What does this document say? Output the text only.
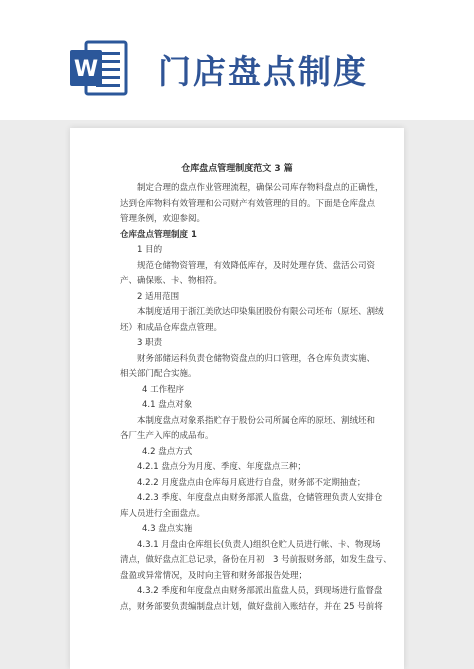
W 门店盘点制度
仓库盘点管理制度范文 3 篇
制定合理的盘点作业管理流程，确保公司库存物料盘点的正确性，
达到仓库物料有效管理和公司财产有效管理的目的。下面是仓库盘点
管理条例，欢迎参阅。
仓库盘点管理制度 1
1 目的
规范仓储物资管理，有效降低库存，及时处理存货、盘活公司资
产、确保账、卡、物相符。
2 适用范围
本制度适用于浙江美欣达印染集团股份有限公司坯布（原坯、割绒
坯）和成品仓库盘点管理。
3 职责
财务部储运科负责仓储物资盘点的归口管理，各仓库负责实施、
相关部门配合实施。
4 工作程序
4.1 盘点对象
本制度盘点对象系指贮存于股份公司所属仓库的原坯、割绒坯和
各厂生产入库的成品布。
4.2 盘点方式
4.2.1 盘点分为月度、季度、年度盘点三种；
4.2.2 月度盘点由仓库每月底进行自盘，财务部不定期抽查；
4.2.3 季度、年度盘点由财务部派人监盘，仓储管理负责人安排仓
库人员进行全面盘点。
4.3 盘点实施
4.3.1 月盘由仓库组长(负责人)组织仓贮人员进行帐、卡、物现场
清点，做好盘点汇总记录，备份在月初　3 号前报财务部，如发生盘亏、
盘盈或异常情况，及时向主管和财务部报告处理；
4.3.2 季度和年度盘点由财务部派出监盘人员，到现场进行监督盘
点，财务部要负责编制盘点计划，做好盘前入账结存，并在 25 号前将
